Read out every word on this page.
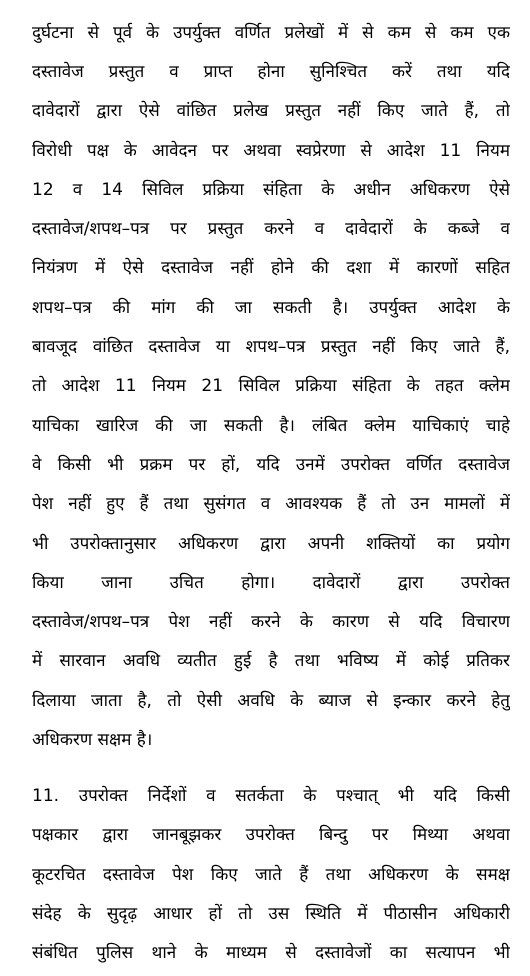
दुर्घटना से पूर्व के उपर्युक्त वर्णित प्रलेखों में से कम से कम एक
दस्तावेज प्रस्तुत व प्राप्त होना सुनिश्चित करें तथा यदि
दावेदारों द्वारा ऐसे वांछित प्रलेख प्रस्तुत नहीं किए जाते हैं, तो
विरोधी पक्ष के आवेदन पर अथवा स्वप्रेरणा से आदेश 11 नियम
12 व 14 सिविल प्रक्रिया संहिता के अधीन अधिकरण ऐसे
दस्तावेज/शपथ–पत्र पर प्रस्तुत करने व दावेदारों के कब्जे व
नियंत्रण में ऐसे दस्तावेज नहीं होने की दशा में कारणों सहित
शपथ–पत्र की मांग की जा सकती है। उपर्युक्त आदेश के
बावजूद वांछित दस्तावेज या शपथ–पत्र प्रस्तुत नहीं किए जाते हैं,
तो आदेश 11 नियम 21 सिविल प्रक्रिया संहिता के तहत क्लेम
याचिका खारिज की जा सकती है। लंबित क्लेम याचिकाएं चाहे
वे किसी भी प्रक्रम पर हों, यदि उनमें उपरोक्त वर्णित दस्तावेज
पेश नहीं हुए हैं तथा सुसंगत व आवश्यक हैं तो उन मामलों में
भी उपरोक्तानुसार अधिकरण द्वारा अपनी शक्तियों का प्रयोग
किया जाना उचित होगा। दावेदारों द्वारा उपरोक्त
दस्तावेज/शपथ–पत्र पेश नहीं करने के कारण से यदि विचारण
में सारवान अवधि व्यतीत हुई है तथा भविष्य में कोई प्रतिकर
दिलाया जाता है, तो ऐसी अवधि के ब्याज से इन्कार करने हेतु
अधिकरण सक्षम है।
11. उपरोक्त निर्देशों व सतर्कता के पश्चात् भी यदि किसी
पक्षकार द्वारा जानबूझकर उपरोक्त बिन्दु पर मिथ्या अथवा
कूटरचित दस्तावेज पेश किए जाते हैं तथा अधिकरण के समक्ष
संदेह के सुदृढ़ आधार हों तो उस स्थिति में पीठासीन अधिकारी
संबंधित पुलिस थाने के माध्यम से दस्तावेजों का सत्यापन भी
